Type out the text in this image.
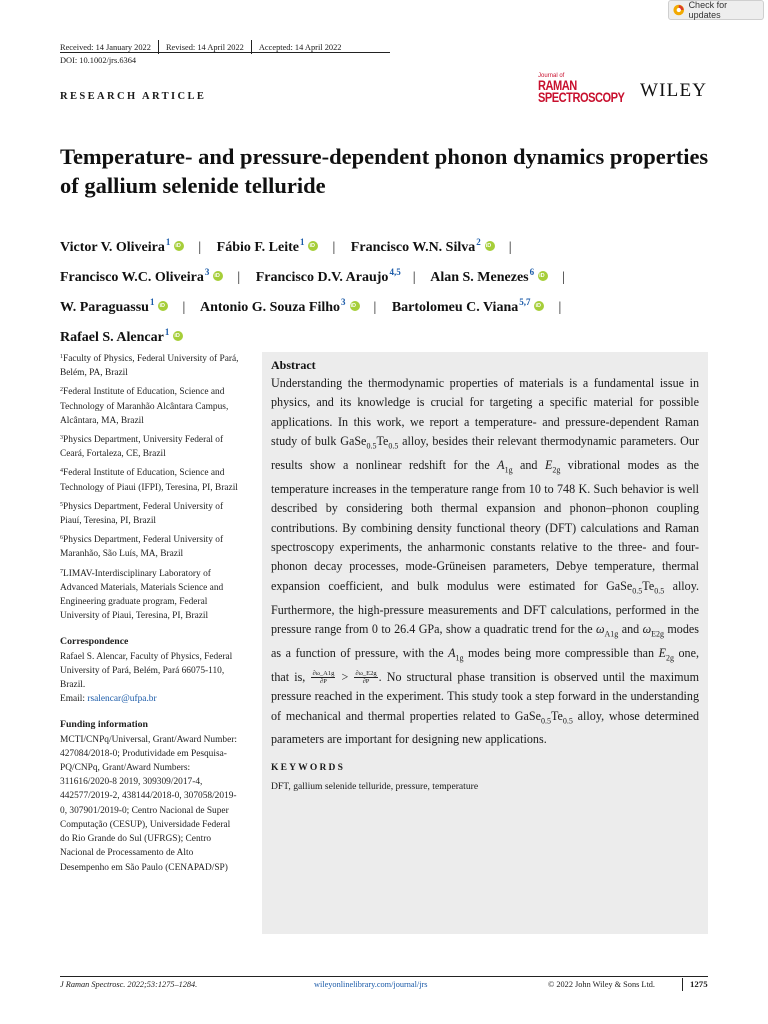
Check for updates
Received: 14 January 2022 Revised: 14 April 2022 Accepted: 14 April 2022
DOI: 10.1002/jrs.6364
RESEARCH ARTICLE
Journal of
RAMAN
SPECTROSCOPY WILEY
Temperature- and pressure-dependent phonon dynamics properties of gallium selenide telluride
Victor V. Oliveira$^1$ iD | Fábio F. Leite$^1$ iD | Francisco W.N. Silva$^2$ iD |
Francisco W.C. Oliveira$^3$ iD | Francisco D.V. Araujo$^{4,5}$ | Alan S. Menezes$^6$ iD |
W. Paraguassu$^1$ iD | Antonio G. Souza Filho$^3$ iD | Bartolomeu C. Viana$^{5,7}$ iD |
Rafael S. Alencar$^1$iD
$^1$Faculty of Physics, Federal University of Pará, Belém, PA, Brazil
$^2$Federal Institute of Education, Science and Technology of Maranhão Alcântara Campus, Alcântara, MA, Brazil
$^3$Physics Department, University Federal of Ceará, Fortaleza, CE, Brazil
$^4$Federal Institute of Education, Science and Technology of Piaui (IFPI), Teresina, PI, Brazil
$^5$Physics Department, Federal University of Piauí, Teresina, PI, Brazil
$^6$Physics Department, Federal University of Maranhão, São Luís, MA, Brazil
$^7$LIMAV-Interdisciplinary Laboratory of Advanced Materials, Materials Science and Engineering graduate program, Federal University of Piaui, Teresina, PI, Brazil
Correspondence
Rafael S. Alencar, Faculty of Physics, Federal University of Pará, Belém, Pará 66075-110, Brazil.
Email: rsalencar@ufpa.br
Funding information
MCTI/CNPq/Universal, Grant/Award Number: 427084/2018-0; Produtividade em Pesquisa-PQ/CNPq, Grant/Award Numbers: 311616/2020-8 2019, 309309/2017-4, 442577/2019-2, 438144/2018-0, 307058/2019-0, 307901/2019-0; Centro Nacional de Super Computação (CESUP), Universidade Federal do Rio Grande do Sul (UFRGS); Centro Nacional de Processamento de Alto Desempenho em São Paulo (CENAPAD/SP)
Abstract
Understanding the thermodynamic properties of materials is a fundamental issue in physics, and its knowledge is crucial for targeting a specific material for possible applications. In this work, we report a temperature- and pressure-dependent Raman study of bulk $GaSe_{0.5}Te_{0.5}$ alloy, besides their relevant thermodynamic parameters. Our results show a nonlinear redshift for the $A_{1g}$ and $E_{2g}$ vibrational modes as the temperature increases in the temperature range from 10 to 748 K. Such behavior is well described by considering both thermal expansion and phonon–phonon coupling contributions. By combining density functional theory (DFT) calculations and Raman spectroscopy experiments, the anharmonic constants relative to the three- and four-phonon decay processes, mode-Grüneisen parameters, Debye temperature, thermal expansion coefficient, and bulk modulus were estimated for $GaSe_{0.5}Te_{0.5}$ alloy. Furthermore, the high-pressure measurements and DFT calculations, performed in the pressure range from 0 to 26.4 GPa, show a quadratic trend for the $\omega_{A1g}$ and $\omega_{E2g}$ modes as a function of pressure, with the $A_{1g}$ modes being more compressible than $E_{2g}$ one, that is, $\frac{\partial\omega\_A1g}{\partial P} > \frac{\partial\omega\_E2g}{\partial P}$ . No structural phase transition is observed until the maximum pressure reached in the experiment. This study took a step forward in the understanding of mechanical and thermal properties related to $GaSe_{0.5}Te_{0.5}$ alloy, whose determined parameters are important for designing new applications.
KEYWORDS
DFT, gallium selenide telluride, pressure, temperature
J Raman Spectrosc. 2022;53:1275–1284.	wileyonlinelibrary.com/journal/jrs	© 2022 John Wiley & Sons Ltd.	1275
